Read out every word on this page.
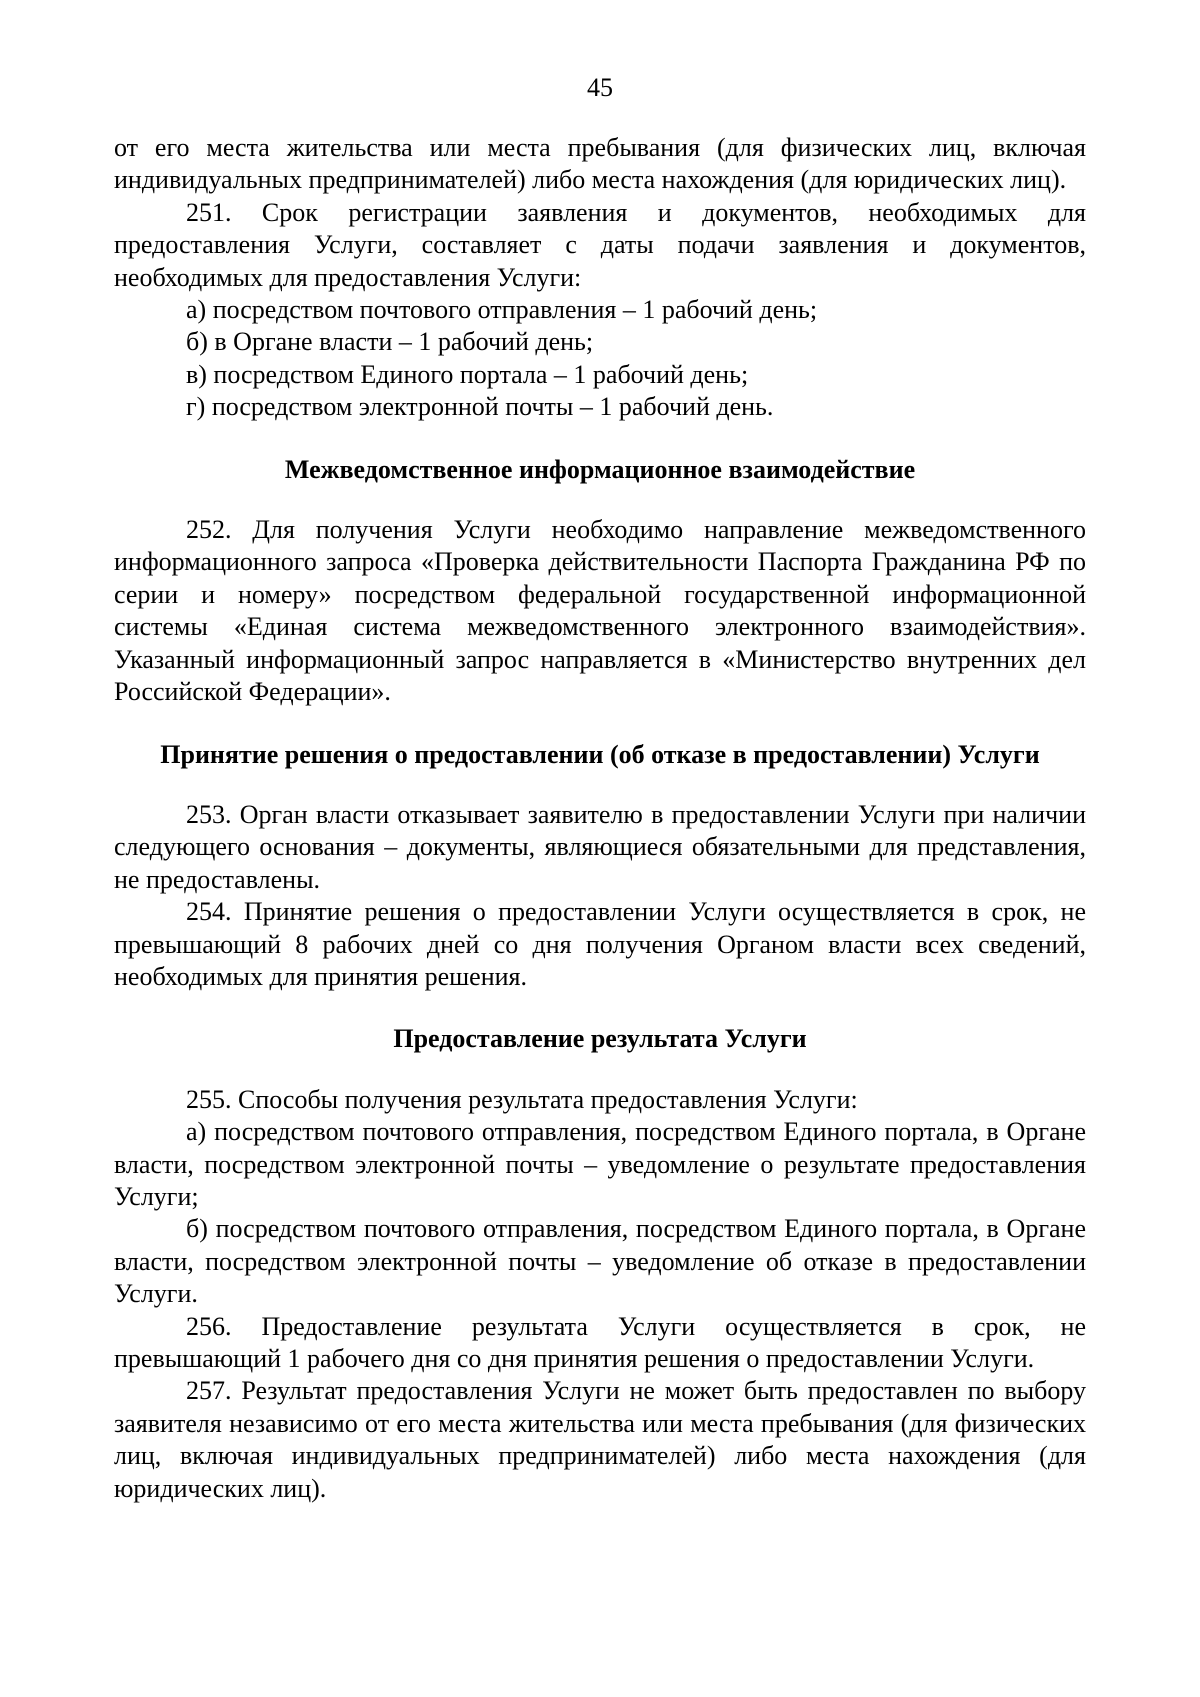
45

от его места жительства или места пребывания (для физических лиц, включая индивидуальных предпринимателей) либо места нахождения (для юридических лиц).

251. Срок регистрации заявления и документов, необходимых для предоставления Услуги, составляет с даты подачи заявления и документов, необходимых для предоставления Услуги:

а) посредством почтового отправления – 1 рабочий день;

б) в Органе власти – 1 рабочий день;

в) посредством Единого портала – 1 рабочий день;

г) посредством электронной почты – 1 рабочий день.

Межведомственное информационное взаимодействие

252. Для получения Услуги необходимо направление межведомственного информационного запроса «Проверка действительности Паспорта Гражданина РФ по серии и номеру» посредством федеральной государственной информационной системы «Единая система межведомственного электронного взаимодействия». Указанный информационный запрос направляется в «Министерство внутренних дел Российской Федерации».

Принятие решения о предоставлении (об отказе в предоставлении) Услуги

253. Орган власти отказывает заявителю в предоставлении Услуги при наличии следующего основания – документы, являющиеся обязательными для представления, не предоставлены.

254. Принятие решения о предоставлении Услуги осуществляется в срок, не превышающий 8 рабочих дней со дня получения Органом власти всех сведений, необходимых для принятия решения.

Предоставление результата Услуги

255. Способы получения результата предоставления Услуги:

а) посредством почтового отправления, посредством Единого портала, в Органе власти, посредством электронной почты – уведомление о результате предоставления Услуги;

б) посредством почтового отправления, посредством Единого портала, в Органе власти, посредством электронной почты – уведомление об отказе в предоставлении Услуги.

256. Предоставление результата Услуги осуществляется в срок, не превышающий 1 рабочего дня со дня принятия решения о предоставлении Услуги.

257. Результат предоставления Услуги не может быть предоставлен по выбору заявителя независимо от его места жительства или места пребывания (для физических лиц, включая индивидуальных предпринимателей) либо места нахождения (для юридических лиц).
